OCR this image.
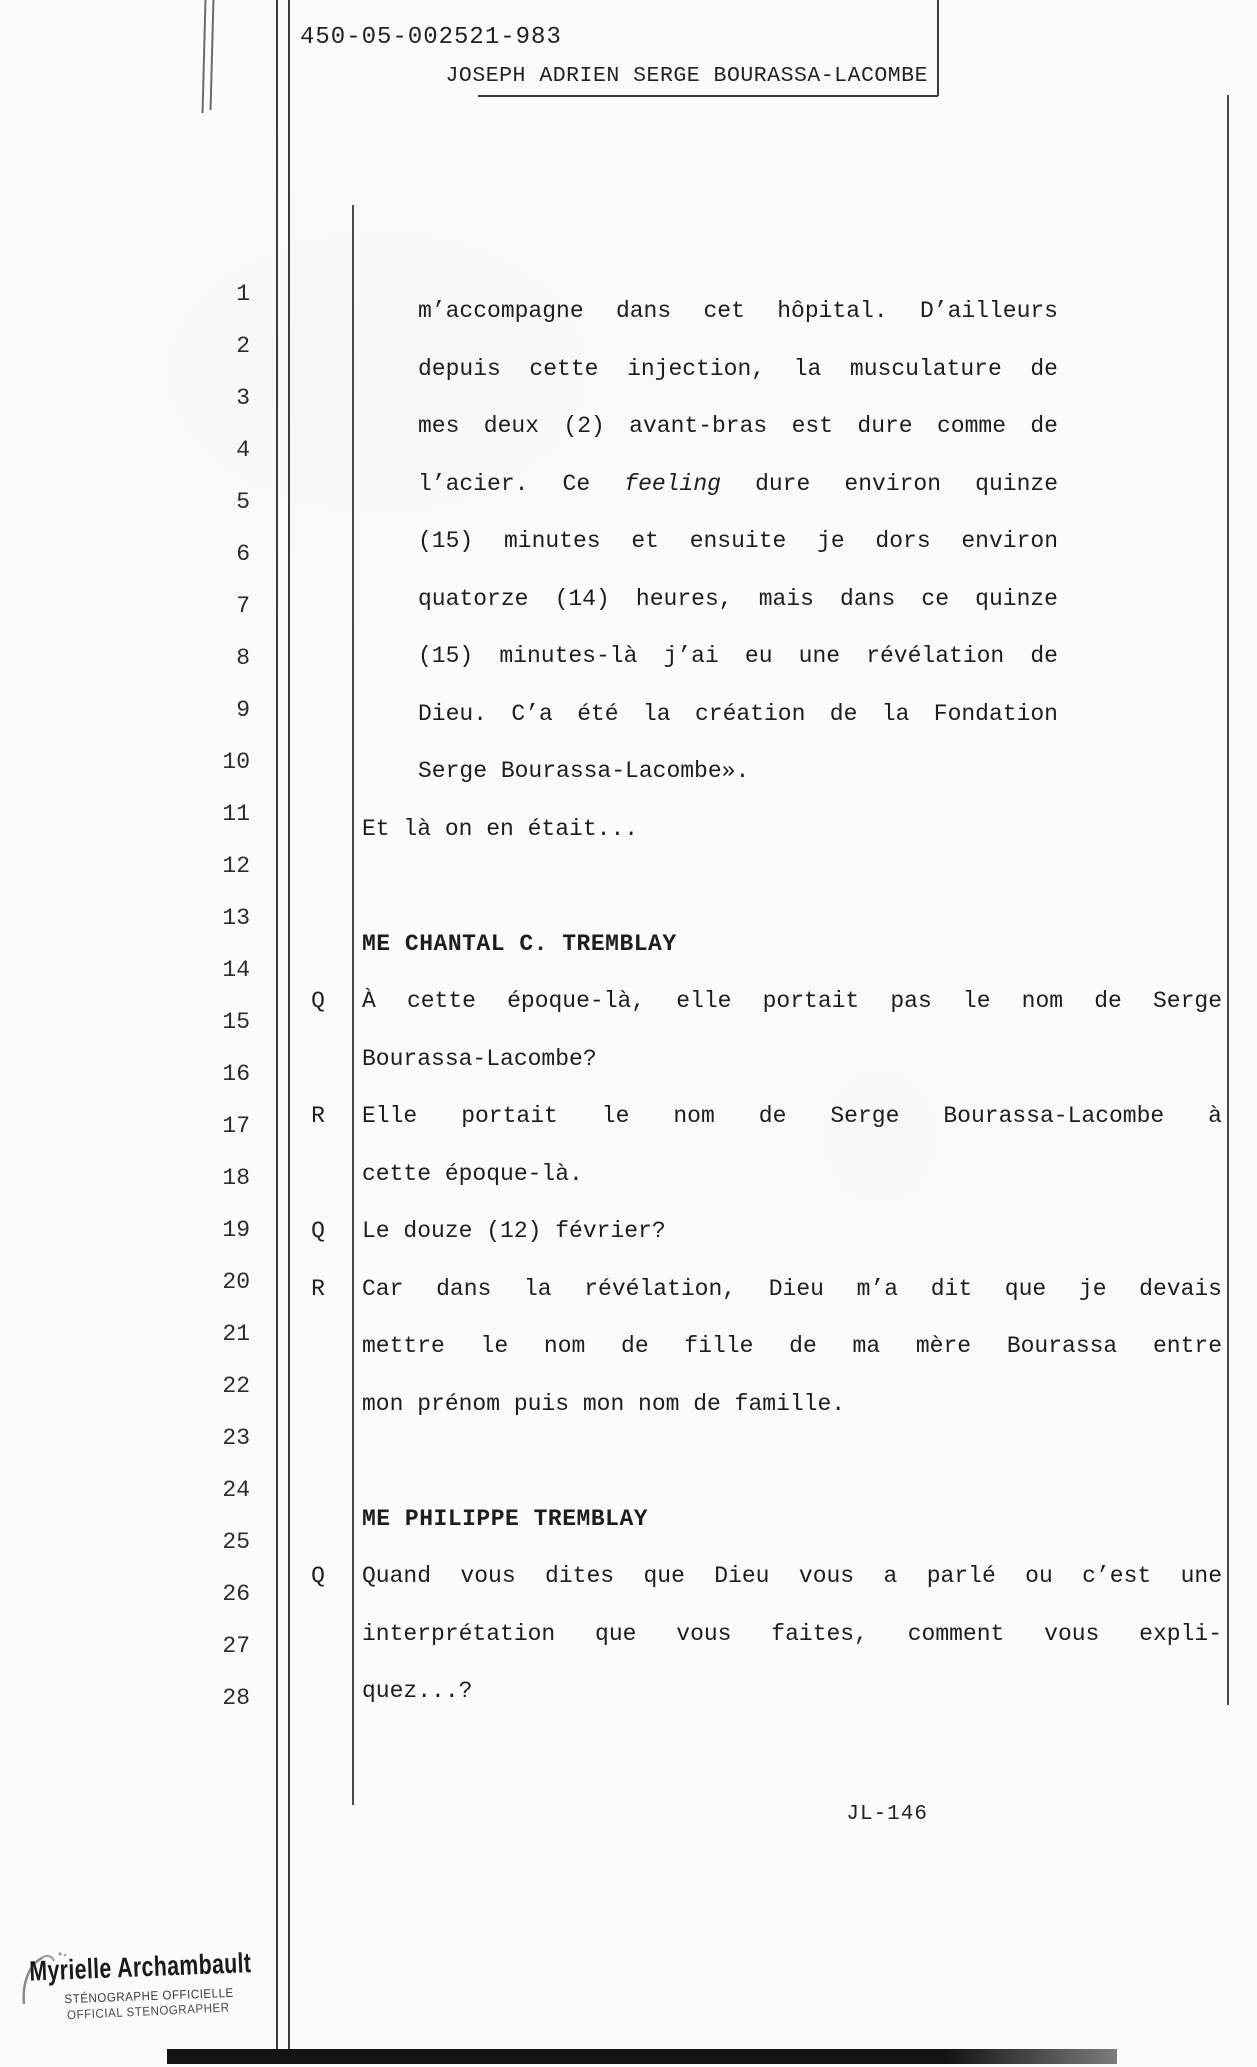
450-05-002521-983
JOSEPH ADRIEN SERGE BOURASSA-LACOMBE
1
2
3
4
5
6
7
8
9
10
11
12
13
14
15
16
17
18
19
20
21
22
23
24
25
26
27
28
m’accompagne dans cet hôpital. D’ailleurs
depuis cette injection, la musculature de
mes deux (2) avant-bras est dure comme de
l’acier. Ce feeling dure environ quinze
(15) minutes et ensuite je dors environ
quatorze (14) heures, mais dans ce quinze
(15) minutes-là j’ai eu une révélation de
Dieu. C’a été la création de la Fondation
Serge Bourassa-Lacombe».
Et là on en était...
ME CHANTAL C. TREMBLAY
Q	À cette époque-là, elle portait pas le nom de Serge
Bourassa-Lacombe?
R	Elle portait le nom de Serge Bourassa-Lacombe à
cette époque-là.
Q	Le douze (12) février?
R	Car dans la révélation, Dieu m’a dit que je devais
mettre le nom de fille de ma mère Bourassa entre
mon prénom puis mon nom de famille.
ME PHILIPPE TREMBLAY
Q	Quand vous dites que Dieu vous a parlé ou c’est une
interprétation que vous faites, comment vous expli-
quez...?
JL-146
Myrielle Archambault
STÉNOGRAPHE OFFICIELLE
OFFICIAL STENOGRAPHER
